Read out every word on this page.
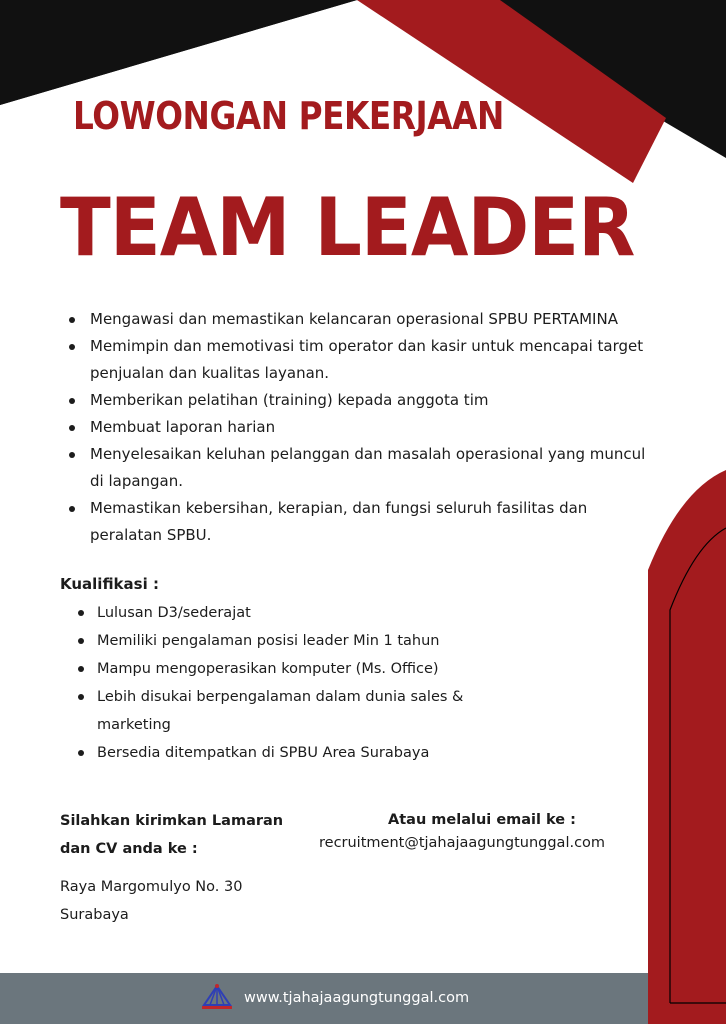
LOWONGAN PEKERJAAN
TEAM LEADER
Mengawasi dan memastikan kelancaran operasional SPBU PERTAMINA
Memimpin dan memotivasi tim operator dan kasir untuk mencapai target penjualan dan kualitas layanan.
Memberikan pelatihan (training) kepada anggota tim
Membuat laporan harian
Menyelesaikan keluhan pelanggan dan masalah operasional yang muncul di lapangan.
Memastikan kebersihan, kerapian, dan fungsi seluruh fasilitas dan peralatan SPBU.
Kualifikasi :
Lulusan D3/sederajat
Memiliki pengalaman posisi leader Min 1 tahun
Mampu mengoperasikan komputer (Ms. Office)
Lebih disukai berpengalaman dalam dunia sales & marketing
Bersedia ditempatkan di SPBU Area Surabaya
Silahkan kirimkan Lamaran dan CV anda ke :
Raya Margomulyo No. 30
Surabaya
Atau melalui email ke :
recruitment@tjahajaagungtunggal.com
www.tjahajaagungtunggal.com
